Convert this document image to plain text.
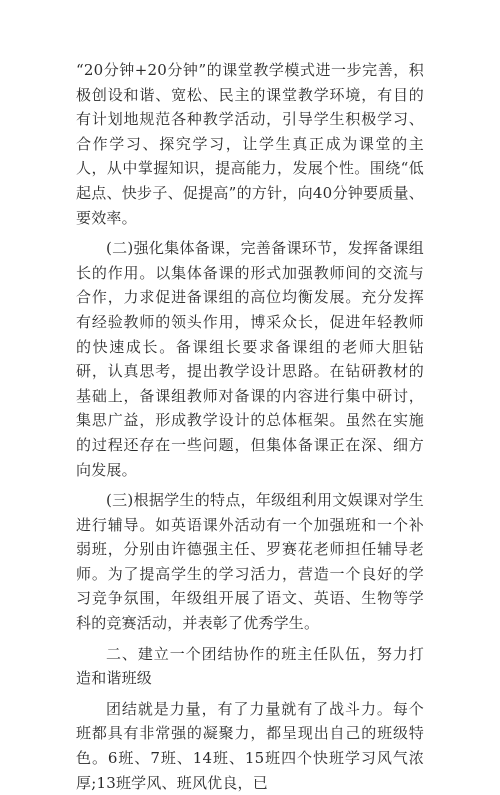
“20分钟+20分钟”的课堂教学模式进一步完善，积极创设和谐、宽松、民主的课堂教学环境，有目的有计划地规范各种教学活动，引导学生积极学习、合作学习、探究学习，让学生真正成为课堂的主人，从中掌握知识，提高能力，发展个性。围绕“低起点、快步子、促提高”的方针，向40分钟要质量、要效率。

(二)强化集体备课，完善备课环节，发挥备课组长的作用。以集体备课的形式加强教师间的交流与合作，力求促进备课组的高位均衡发展。充分发挥有经验教师的领头作用，博采众长，促进年轻教师的快速成长。备课组长要求备课组的老师大胆钻研，认真思考，提出教学设计思路。在钻研教材的基础上，备课组教师对备课的内容进行集中研讨，集思广益，形成教学设计的总体框架。虽然在实施的过程还存在一些问题，但集体备课正在深、细方向发展。

(三)根据学生的特点，年级组利用文娱课对学生进行辅导。如英语课外活动有一个加强班和一个补弱班，分别由许德强主任、罗赛花老师担任辅导老师。为了提高学生的学习活力，营造一个良好的学习竞争氛围，年级组开展了语文、英语、生物等学科的竞赛活动，并表彰了优秀学生。

二、建立一个团结协作的班主任队伍，努力打造和谐班级

团结就是力量，有了力量就有了战斗力。每个班都具有非常强的凝聚力，都呈现出自己的班级特色。6班、7班、14班、15班四个快班学习风气浓厚;13班学风、班风优良，已
